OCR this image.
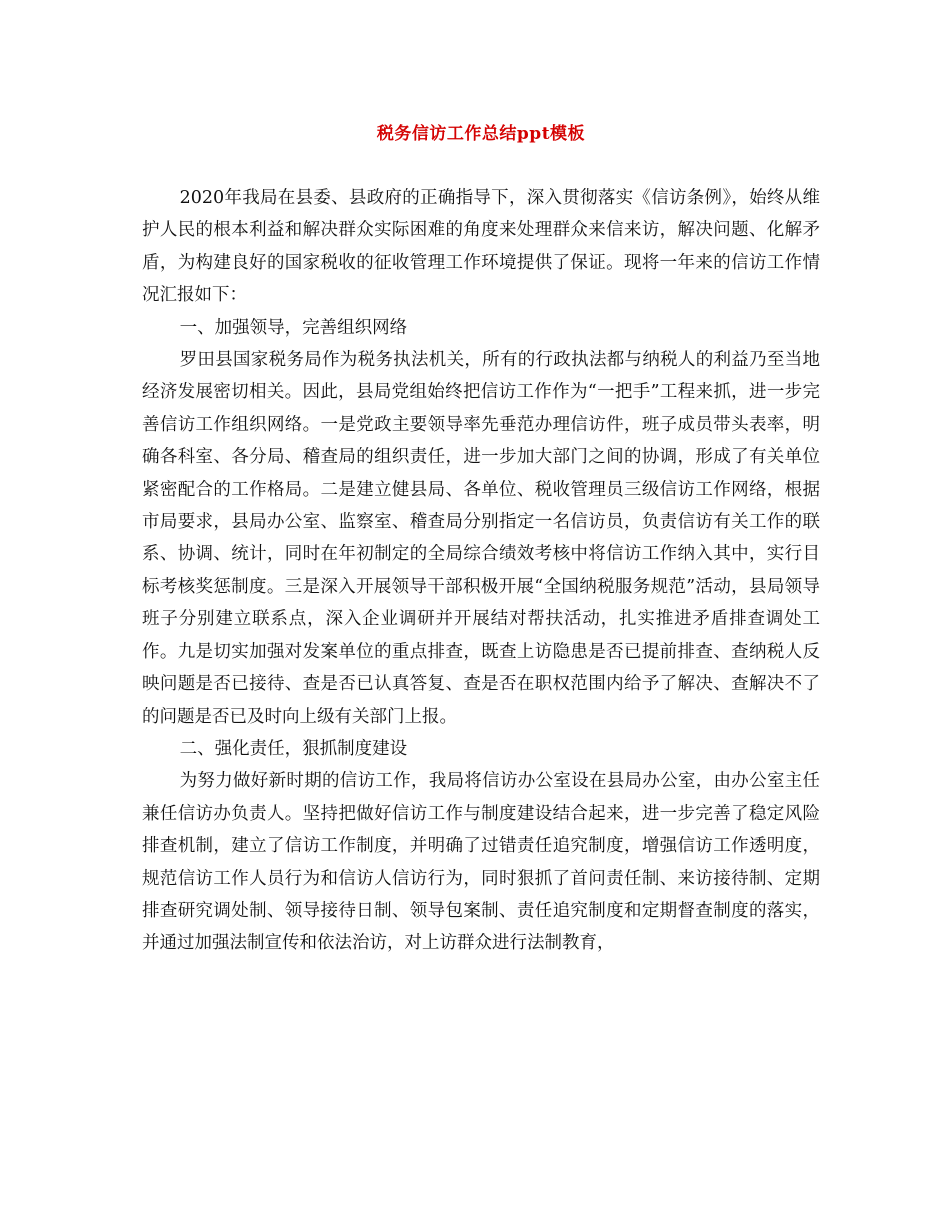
税务信访工作总结ppt模板

2020年我局在县委、县政府的正确指导下，深入贯彻落实《信访条例》，始终从维护人民的根本利益和解决群众实际困难的角度来处理群众来信来访，解决问题、化解矛盾，为构建良好的国家税收的征收管理工作环境提供了保证。现将一年来的信访工作情况汇报如下：

一、加强领导，完善组织网络

罗田县国家税务局作为税务执法机关，所有的行政执法都与纳税人的利益乃至当地经济发展密切相关。因此，县局党组始终把信访工作作为“一把手”工程来抓，进一步完善信访工作组织网络。一是党政主要领导率先垂范办理信访件，班子成员带头表率，明确各科室、各分局、稽查局的组织责任，进一步加大部门之间的协调，形成了有关单位紧密配合的工作格局。二是建立健县局、各单位、税收管理员三级信访工作网络，根据市局要求，县局办公室、监察室、稽查局分别指定一名信访员，负责信访有关工作的联系、协调、统计，同时在年初制定的全局综合绩效考核中将信访工作纳入其中，实行目标考核奖惩制度。三是深入开展领导干部积极开展“全国纳税服务规范”活动，县局领导班子分别建立联系点，深入企业调研并开展结对帮扶活动，扎实推进矛盾排查调处工作。九是切实加强对发案单位的重点排查，既查上访隐患是否已提前排查、查纳税人反映问题是否已接待、查是否已认真答复、查是否在职权范围内给予了解决、查解决不了的问题是否已及时向上级有关部门上报。

二、强化责任，狠抓制度建设

为努力做好新时期的信访工作，我局将信访办公室设在县局办公室，由办公室主任兼任信访办负责人。坚持把做好信访工作与制度建设结合起来，进一步完善了稳定风险排查机制，建立了信访工作制度，并明确了过错责任追究制度，增强信访工作透明度，规范信访工作人员行为和信访人信访行为，同时狠抓了首问责任制、来访接待制、定期排查研究调处制、领导接待日制、领导包案制、责任追究制度和定期督查制度的落实，并通过加强法制宣传和依法治访，对上访群众进行法制教育，
